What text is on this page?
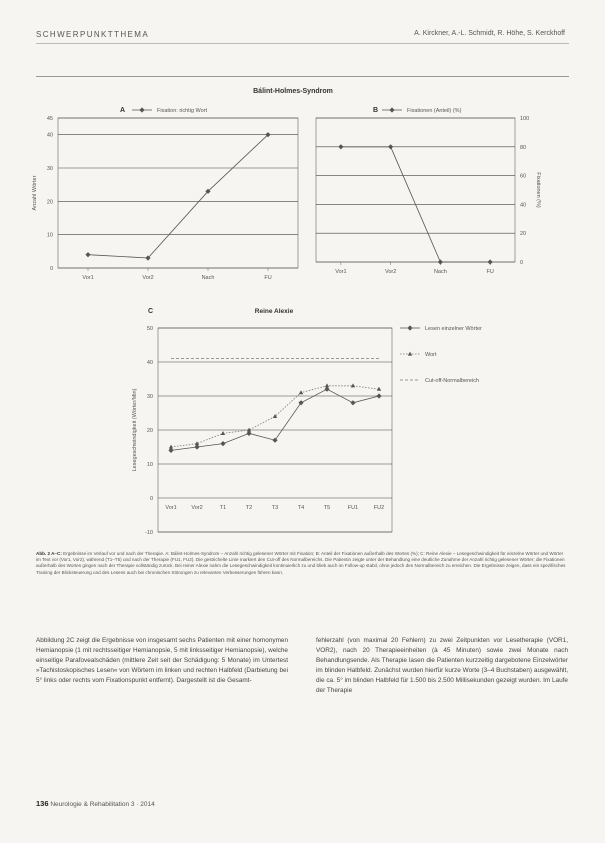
SCHWERPUNKTTHEMA	A. Kirckner, A.-L. Schmidt, R. Höhe, S. Kerckhoff
Bálint-Holmes-Syndrom
A	B
C	Reine Alexie
0
10
20
30
40
45
Anzahl Wörter
Vor1	Vor2	Nach	FU
Fixation: richtig Wort
0
20
40
60
80
100
Fixationen (%)
Vor1	Vor2	Nach	FU
Fixationen (Anteil) (%)
-10
0
10
20
30
40
50
Lesegeschwindigkeit (Wörter/Min)
Vor1	Vor2	T1	T2	T3	T4	T5	FU1	FU2
Lesen einzelner Wörter
Wort
Cut-off-Normalbereich
Abb. 2 A–C: Ergebnisse im Verlauf vor und nach der Therapie. A: Bálint-Holmes-Syndrom – Anzahl richtig gelesener Wörter mit Fixation; B: Anteil der Fixationen außerhalb des Wortes (%); C: Reine Alexie – Lesegeschwindigkeit für einzelne Wörter und Wörter im Text vor (Vor1, Vor2), während (T1–T5) und nach der Therapie (FU1, FU2). Die gestrichelte Linie markiert den Cut-off des Normalbereichs. Die Patientin zeigte unter der Behandlung eine deutliche Zunahme der Anzahl richtig gelesener Wörter; die Fixationen außerhalb des Wortes gingen nach der Therapie vollständig zurück. Bei reiner Alexie nahm die Lesegeschwindigkeit kontinuierlich zu und blieb auch im Follow-up stabil, ohne jedoch den Normalbereich zu erreichen. Die Ergebnisse zeigen, dass ein spezifisches Training der Blicksteuerung und des Lesens auch bei chronischen Störungen zu relevanten Verbesserungen führen kann.
Abbildung 2C zeigt die Ergebnisse von insgesamt sechs Patienten mit einer homonymen Hemianopsie (1 mit rechtsseitiger Hemianopsie, 5 mit linksseitiger Hemianopsie), welche einseitige Parafovealschäden (mittlere Zeit seit der Schädigung: 5 Monate) im Untertest »Tachistoskopisches Lesen« von Wörtern im linken und rechten Halbfeld (Darbietung bei 5° links oder rechts vom Fixationspunkt entfernt). Dargestellt ist die Gesamt-
fehlerzahl (von maximal 20 Fehlern) zu zwei Zeitpunkten vor Lesetherapie (VOR1, VOR2), nach 20 Therapieeinheiten (à 45 Minuten) sowie zwei Monate nach Behandlungsende. Als Therapie lasen die Patienten kurzzeitig dargebotene Einzelwörter im blinden Halbfeld. Zunächst wurden hierfür kurze Worte (3–4 Buchstaben) ausgewählt, die ca. 5° im blinden Halbfeld für 1.500 bis 2.500 Millisekunden gezeigt wurden. Im Laufe der Therapie
136 Neurologie & Rehabilitation 3 · 2014
